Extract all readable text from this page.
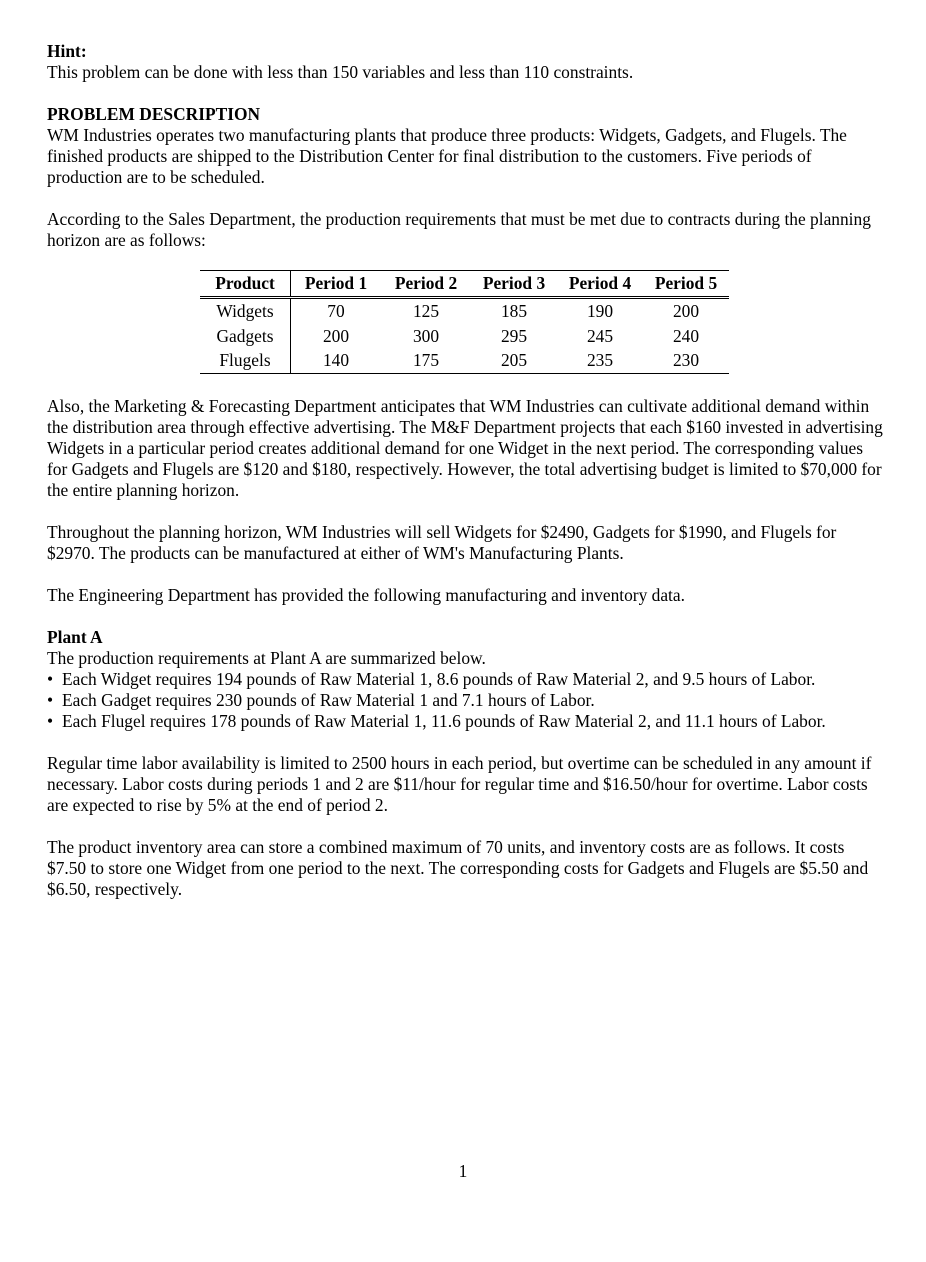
Hint:

This problem can be done with less than 150 variables and less than 110 constraints.

PROBLEM DESCRIPTION

WM Industries operates two manufacturing plants that produce three products: Widgets, Gadgets, and Flugels. The finished products are shipped to the Distribution Center for final distribution to the customers. Five periods of production are to be scheduled.

According to the Sales Department, the production requirements that must be met due to contracts during the planning horizon are as follows:

Product	Period 1	Period 2	Period 3	Period 4	Period 5
Widgets	70	125	185	190	200
Gadgets	200	300	295	245	240
Flugels	140	175	205	235	230

Also, the Marketing & Forecasting Department anticipates that WM Industries can cultivate additional demand within the distribution area through effective advertising. The M&F Department projects that each $160 invested in advertising Widgets in a particular period creates additional demand for one Widget in the next period. The corresponding values for Gadgets and Flugels are $120 and $180, respectively. However, the total advertising budget is limited to $70,000 for the entire planning horizon.

Throughout the planning horizon, WM Industries will sell Widgets for $2490, Gadgets for $1990, and Flugels for $2970. The products can be manufactured at either of WM's Manufacturing Plants.

The Engineering Department has provided the following manufacturing and inventory data.

Plant A

The production requirements at Plant A are summarized below.

• Each Widget requires 194 pounds of Raw Material 1, 8.6 pounds of Raw Material 2, and 9.5 hours of Labor.
• Each Gadget requires 230 pounds of Raw Material 1 and 7.1 hours of Labor.
• Each Flugel requires 178 pounds of Raw Material 1, 11.6 pounds of Raw Material 2, and 11.1 hours of Labor.

Regular time labor availability is limited to 2500 hours in each period, but overtime can be scheduled in any amount if necessary. Labor costs during periods 1 and 2 are $11/hour for regular time and $16.50/hour for overtime. Labor costs are expected to rise by 5% at the end of period 2.

The product inventory area can store a combined maximum of 70 units, and inventory costs are as follows. It costs $7.50 to store one Widget from one period to the next. The corresponding costs for Gadgets and Flugels are $5.50 and $6.50, respectively.

1
